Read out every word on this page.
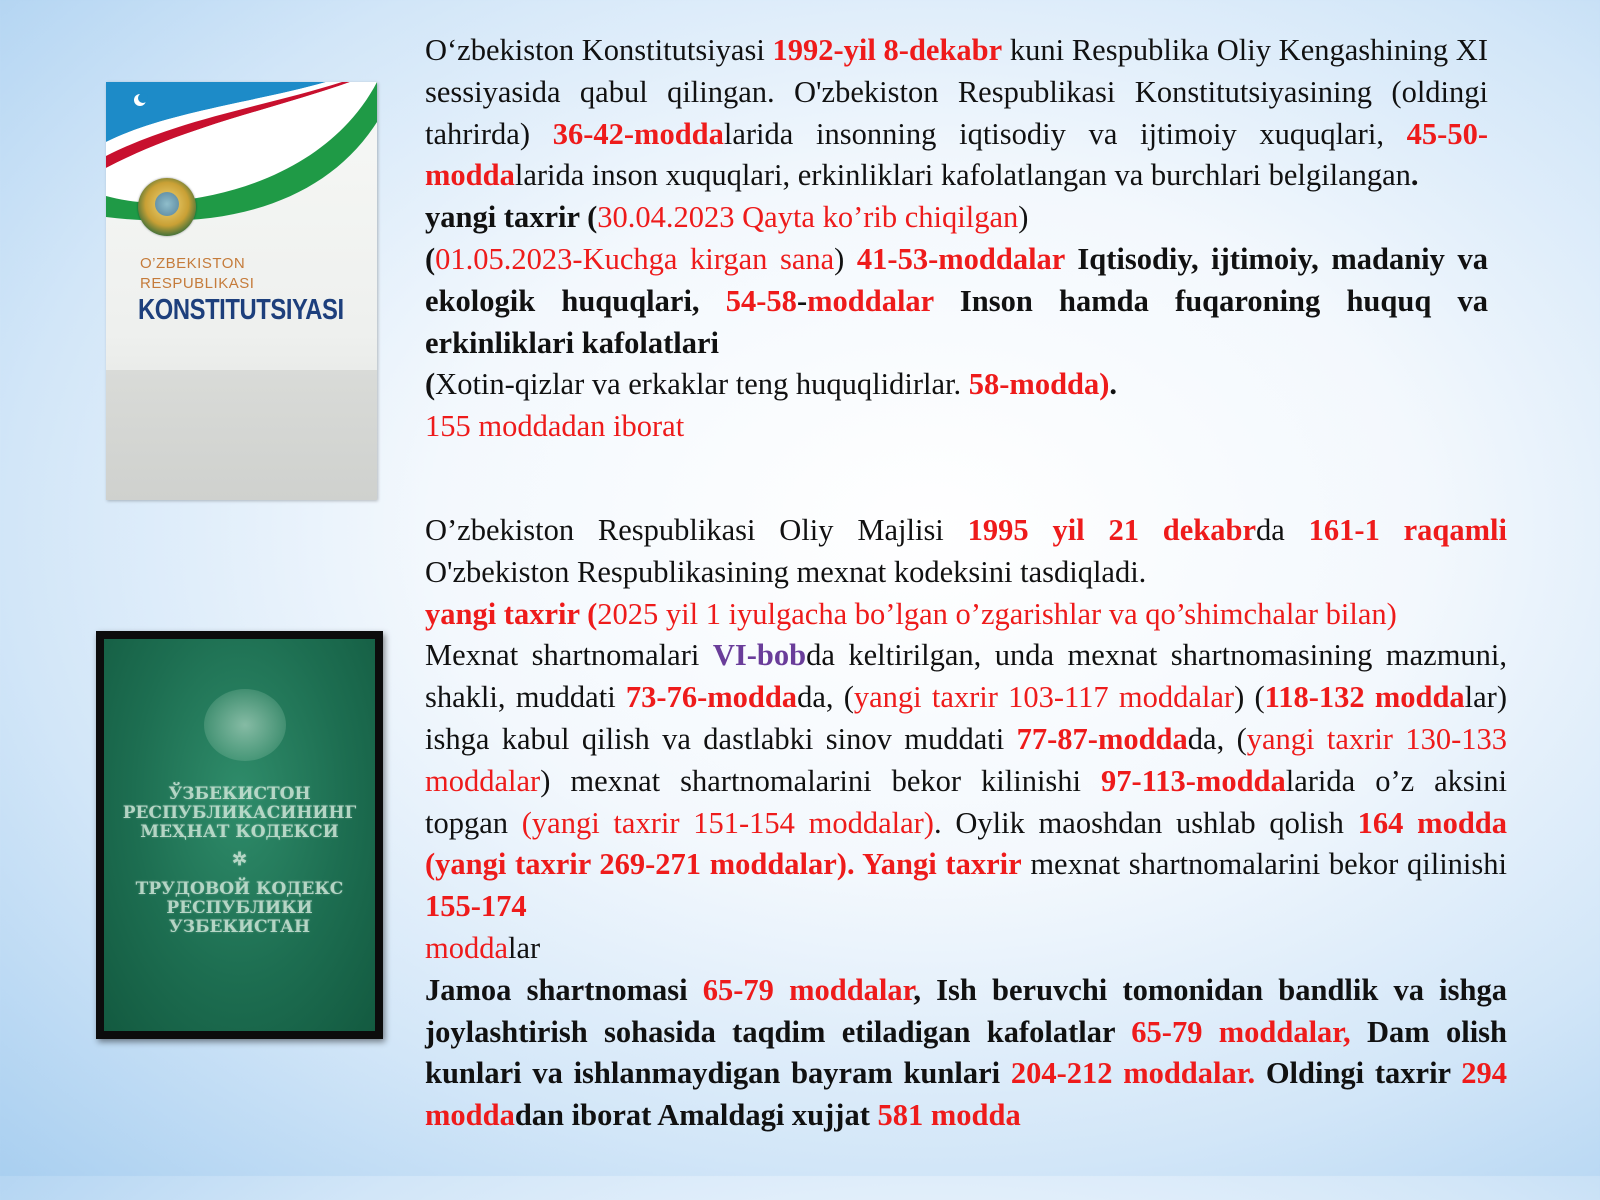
O’ZBEKISTON
RESPUBLIKASI
KONSTITUTSIYASI
ЎЗБЕКИСТОН
РЕСПУБЛИКАСИНИНГ
МЕҲНАТ КОДЕКСИ
✲
ТРУДОВОЙ КОДЕКС
РЕСПУБЛИКИ
УЗБЕКИСТАН

O‘zbekiston Konstitutsiyasi 1992-yil 8-dekabr kuni Respublika Oliy Kengashining XI sessiyasida qabul qilingan. O'zbekiston Respublikasi Konstitutsiyasining (oldingi tahrirda) 36-42-moddalarida insonning iqtisodiy va ijtimoiy xuquqlari, 45-50-moddalarida inson xuquqlari, erkinliklari kafolatlangan va burchlari belgilangan.

yangi taxrir (30.04.2023 Qayta ko’rib chiqilgan)

(01.05.2023-Kuchga kirgan sana) 41-53-moddalar Iqtisodiy, ijtimoiy, madaniy va ekologik huquqlari, 54-58-moddalar Inson hamda fuqaroning huquq va erkinliklari kafolatlari

(Xotin-qizlar va erkaklar teng huquqlidirlar. 58-modda).

155 moddadan iborat

O’zbekiston Respublikasi Oliy Majlisi 1995 yil 21 dekabrda 161-1 raqamli O'zbekiston Respublikasining mexnat kodeksini tasdiqladi.

yangi taxrir (2025 yil 1 iyulgacha bo’lgan o’zgarishlar va qo’shimchalar bilan)

Mexnat shartnomalari VI-bobda keltirilgan, unda mexnat shartnomasining mazmuni, shakli, muddati 73-76-moddada, (yangi taxrir 103-117 moddalar) (118-132 moddalar) ishga kabul qilish va dastlabki sinov muddati 77-87-moddada, (yangi taxrir 130-133 moddalar) mexnat shartnomalarini bekor kilinishi 97-113-moddalarida o’z aksini topgan (yangi taxrir 151-154 moddalar). Oylik maoshdan ushlab qolish 164 modda (yangi taxrir 269-271 moddalar). Yangi taxrir mexnat shartnomalarini bekor qilinishi 155-174
moddalar

Jamoa shartnomasi 65-79 moddalar, Ish beruvchi tomonidan bandlik va ishga joylashtirish sohasida taqdim etiladigan kafolatlar 65-79 moddalar, Dam olish kunlari va ishlanmaydigan bayram kunlari 204-212 moddalar. Oldingi taxrir 294 moddadan iborat Amaldagi xujjat 581 modda
